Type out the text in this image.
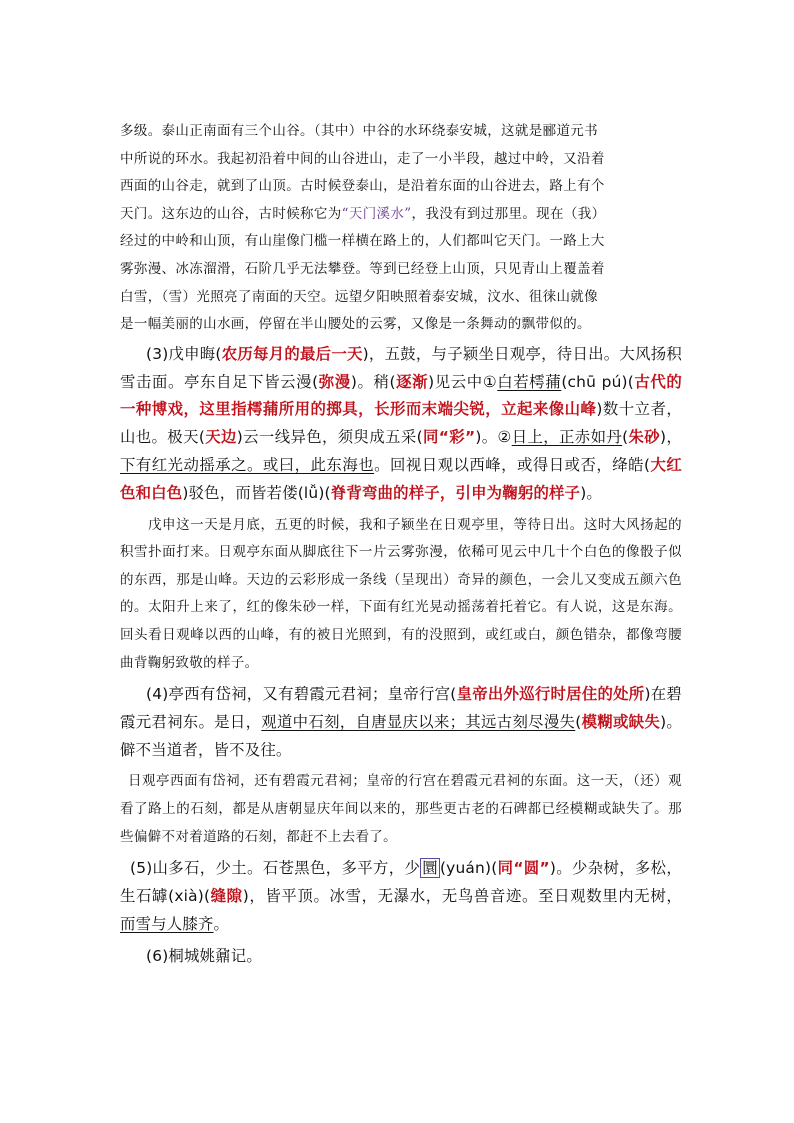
多级。泰山正南面有三个山谷。（其中）中谷的水环绕泰安城，这就是郦道元书
中所说的环水。我起初沿着中间的山谷进山，走了一小半段，越过中岭，又沿着
西面的山谷走，就到了山顶。古时候登泰山，是沿着东面的山谷进去，路上有个
天门。这东边的山谷，古时候称它为“天门溪水”，我没有到过那里。现在（我）
经过的中岭和山顶，有山崖像门槛一样横在路上的，人们都叫它天门。一路上大
雾弥漫、冰冻溜滑，石阶几乎无法攀登。等到已经登上山顶，只见青山上覆盖着
白雪，（雪）光照亮了南面的天空。远望夕阳映照着泰安城，汶水、徂徕山就像
是一幅美丽的山水画，停留在半山腰处的云雾，又像是一条舞动的飘带似的。

(3)戊申晦(农历每月的最后一天)，五鼓，与子颍坐日观亭，待日出。大风扬积雪击面。亭东自足下皆云漫(弥漫)。稍(逐渐)见云中①白若樗蒱(chū pú)(古代的一种博戏，这里指樗蒱所用的掷具，长形而末端尖锐，立起来像山峰)数十立者，山也。极天(天边)云一线异色，须臾成五采(同“彩”)。②日上，正赤如丹(朱砂)，下有红光动摇承之。或曰，此东海也。回视日观以西峰，或得日或否，绛皓(大红色和白色)驳色，而皆若偻(lǚ)(脊背弯曲的样子，引申为鞠躬的样子)。

戊申这一天是月底，五更的时候，我和子颍坐在日观亭里，等待日出。这时大风扬起的积雪扑面打来。日观亭东面从脚底往下一片云雾弥漫，依稀可见云中几十个白色的像骰子似的东西，那是山峰。天边的云彩形成一条线（呈现出）奇异的颜色，一会儿又变成五颜六色的。太阳升上来了，红的像朱砂一样，下面有红光晃动摇荡着托着它。有人说，这是东海。回头看日观峰以西的山峰，有的被日光照到，有的没照到，或红或白，颜色错杂，都像弯腰曲背鞠躬致敬的样子。

(4)亭西有岱祠，又有碧霞元君祠；皇帝行宫(皇帝出外巡行时居住的处所)在碧霞元君祠东。是日，观道中石刻，自唐显庆以来；其远古刻尽漫失(模糊或缺失)。僻不当道者，皆不及往。

日观亭西面有岱祠，还有碧霞元君祠；皇帝的行宫在碧霞元君祠的东面。这一天，（还）观看了路上的石刻，都是从唐朝显庆年间以来的，那些更古老的石碑都已经模糊或缺失了。那些偏僻不对着道路的石刻，都赶不上去看了。

(5)山多石，少土。石苍黑色，多平方，少 圜 (yuán)(同“圆”)。少杂树，多松，生石罅(xià)(缝隙)，皆平顶。冰雪，无瀑水，无鸟兽音迹。至日观数里内无树，而雪与人膝齐。

(6)桐城姚鼐记。
